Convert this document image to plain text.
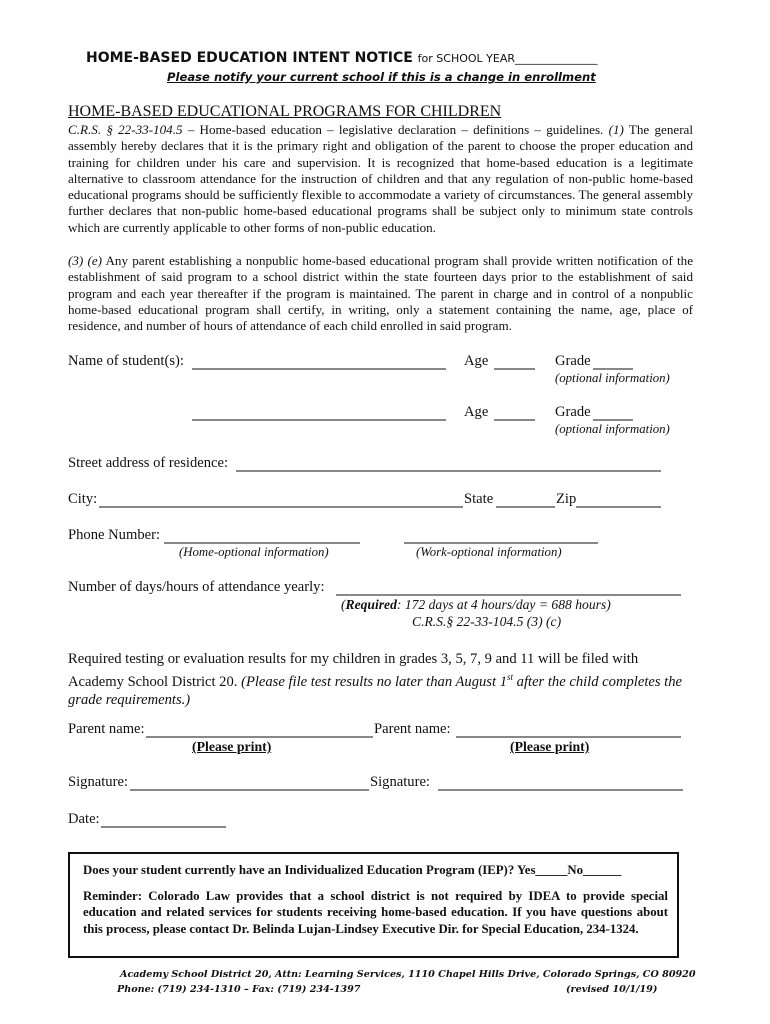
HOME-BASED EDUCATION INTENT NOTICE for SCHOOL YEAR_______________
Please notify your current school if this is a change in enrollment
HOME-BASED EDUCATIONAL PROGRAMS FOR CHILDREN
C.R.S. § 22-33-104.5 – Home-based education – legislative declaration – definitions – guidelines. (1) The general assembly hereby declares that it is the primary right and obligation of the parent to choose the proper education and training for children under his care and supervision. It is recognized that home-based education is a legitimate alternative to classroom attendance for the instruction of children and that any regulation of non-public home-based educational programs should be sufficiently flexible to accommodate a variety of circumstances. The general assembly further declares that non-public home-based educational programs shall be subject only to minimum state controls which are currently applicable to other forms of non-public education.
(3) (e) Any parent establishing a nonpublic home-based educational program shall provide written notification of the establishment of said program to a school district within the state fourteen days prior to the establishment of said program and each year thereafter if the program is maintained. The parent in charge and in control of a nonpublic home-based educational program shall certify, in writing, only a statement containing the name, age, place of residence, and number of hours of attendance of each child enrolled in said program.
Name of student(s):	Age	Grade
(optional information)
Age	Grade
(optional information)
Street address of residence:
City:	State	Zip
Phone Number:
(Home-optional information)	(Work-optional information)
Number of days/hours of attendance yearly:
(Required: 172 days at 4 hours/day = 688 hours)
C.R.S.§ 22-33-104.5 (3) (c)
Required testing or evaluation results for my children in grades 3, 5, 7, 9 and 11 will be filed with Academy School District 20. (Please file test results no later than August 1st after the child completes the grade requirements.)
Parent name:	Parent name:
(Please print)	(Please print)
Signature:	Signature:
Date:
Does your student currently have an Individualized Education Program (IEP)? Yes_____No______
Reminder: Colorado Law provides that a school district is not required by IDEA to provide special education and related services for students receiving home-based education. If you have questions about this process, please contact Dr. Belinda Lujan-Lindsey Executive Dir. for Special Education, 234-1324.
Academy School District 20, Attn: Learning Services, 1110 Chapel Hills Drive, Colorado Springs, CO 80920
Phone: (719) 234-1310 – Fax: (719) 234-1397	(revised 10/1/19)
